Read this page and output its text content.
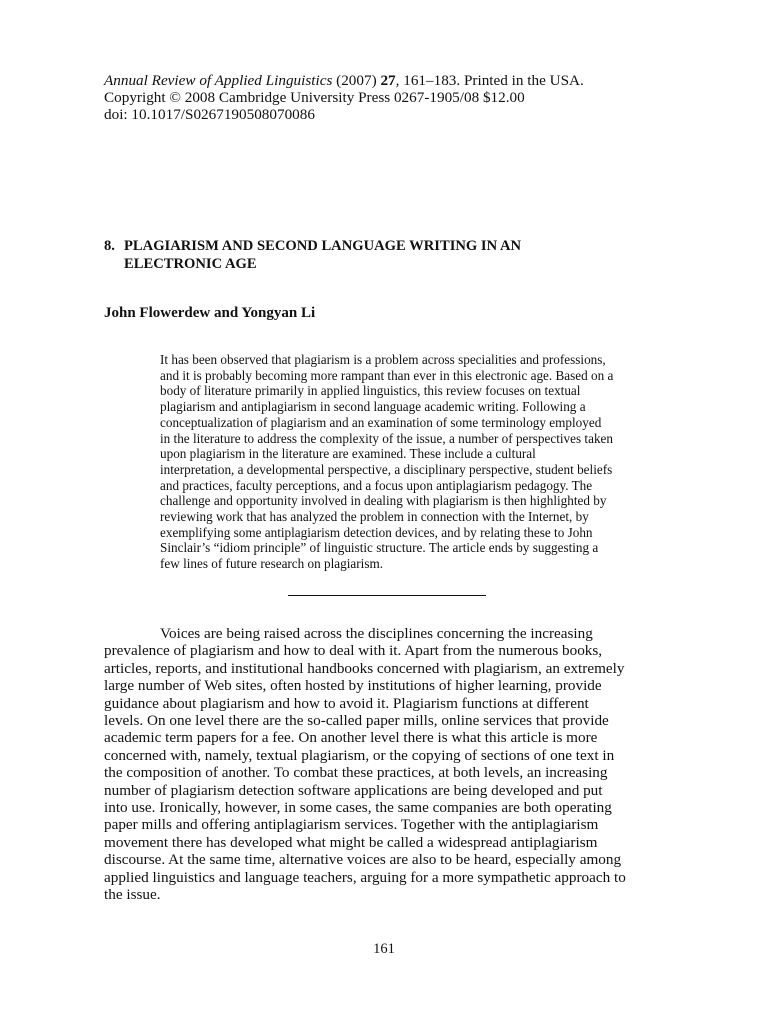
Annual Review of Applied Linguistics (2007) 27, 161–183. Printed in the USA.
Copyright © 2008 Cambridge University Press 0267-1905/08 $12.00
doi: 10.1017/S0267190508070086
8. PLAGIARISM AND SECOND LANGUAGE WRITING IN AN
ELECTRONIC AGE
John Flowerdew and Yongyan Li
It has been observed that plagiarism is a problem across specialities and professions,
and it is probably becoming more rampant than ever in this electronic age. Based on a
body of literature primarily in applied linguistics, this review focuses on textual
plagiarism and antiplagiarism in second language academic writing. Following a
conceptualization of plagiarism and an examination of some terminology employed
in the literature to address the complexity of the issue, a number of perspectives taken
upon plagiarism in the literature are examined. These include a cultural
interpretation, a developmental perspective, a disciplinary perspective, student beliefs
and practices, faculty perceptions, and a focus upon antiplagiarism pedagogy. The
challenge and opportunity involved in dealing with plagiarism is then highlighted by
reviewing work that has analyzed the problem in connection with the Internet, by
exemplifying some antiplagiarism detection devices, and by relating these to John
Sinclair’s “idiom principle” of linguistic structure. The article ends by suggesting a
few lines of future research on plagiarism.
Voices are being raised across the disciplines concerning the increasing
prevalence of plagiarism and how to deal with it. Apart from the numerous books,
articles, reports, and institutional handbooks concerned with plagiarism, an extremely
large number of Web sites, often hosted by institutions of higher learning, provide
guidance about plagiarism and how to avoid it. Plagiarism functions at different
levels. On one level there are the so-called paper mills, online services that provide
academic term papers for a fee. On another level there is what this article is more
concerned with, namely, textual plagiarism, or the copying of sections of one text in
the composition of another. To combat these practices, at both levels, an increasing
number of plagiarism detection software applications are being developed and put
into use. Ironically, however, in some cases, the same companies are both operating
paper mills and offering antiplagiarism services. Together with the antiplagiarism
movement there has developed what might be called a widespread antiplagiarism
discourse. At the same time, alternative voices are also to be heard, especially among
applied linguistics and language teachers, arguing for a more sympathetic approach to
the issue.
161
